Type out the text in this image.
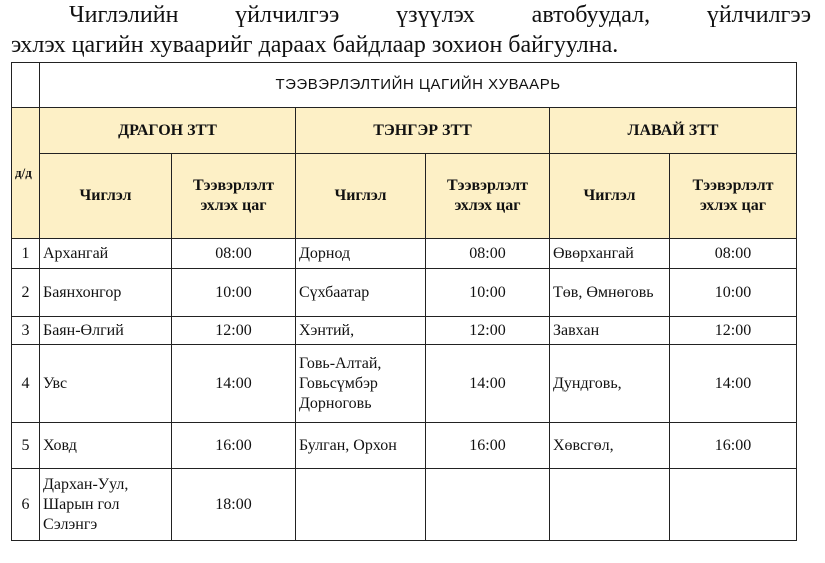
Чиглэлийн үйлчилгээ үзүүлэх автобуудал, үйлчилгээ
эхлэх цагийн хуваарийг дараах байдлаар зохион байгуулна.
	ТЭЭВЭРЛЭЛТИЙН ЦАГИЙН ХУВААРЬ					
д/д	ДРАГОН ЗТТ		ТЭНГЭР ЗТТ		ЛАВАЙ ЗТТ	
	Чиглэл	Тээвэрлэлт эхлэх цаг	Чиглэл	Тээвэрлэлт эхлэх цаг	Чиглэл	Тээвэрлэлт эхлэх цаг
1	Архангай	08:00	Дорнод	08:00	Өвөрхангай	08:00
2	Баянхонгор	10:00	Сүхбаатар	10:00	Төв, Өмнөговь	10:00
3	Баян-Өлгий	12:00	Хэнтий,	12:00	Завхан	12:00
4	Увс	14:00	Говь-Алтай, Говьсүмбэр Дорноговь	14:00	Дундговь,	14:00
5	Ховд	16:00	Булган, Орхон	16:00	Хөвсгөл,	16:00
6	Дархан-Уул, Шарын гол Сэлэнгэ	18:00				
